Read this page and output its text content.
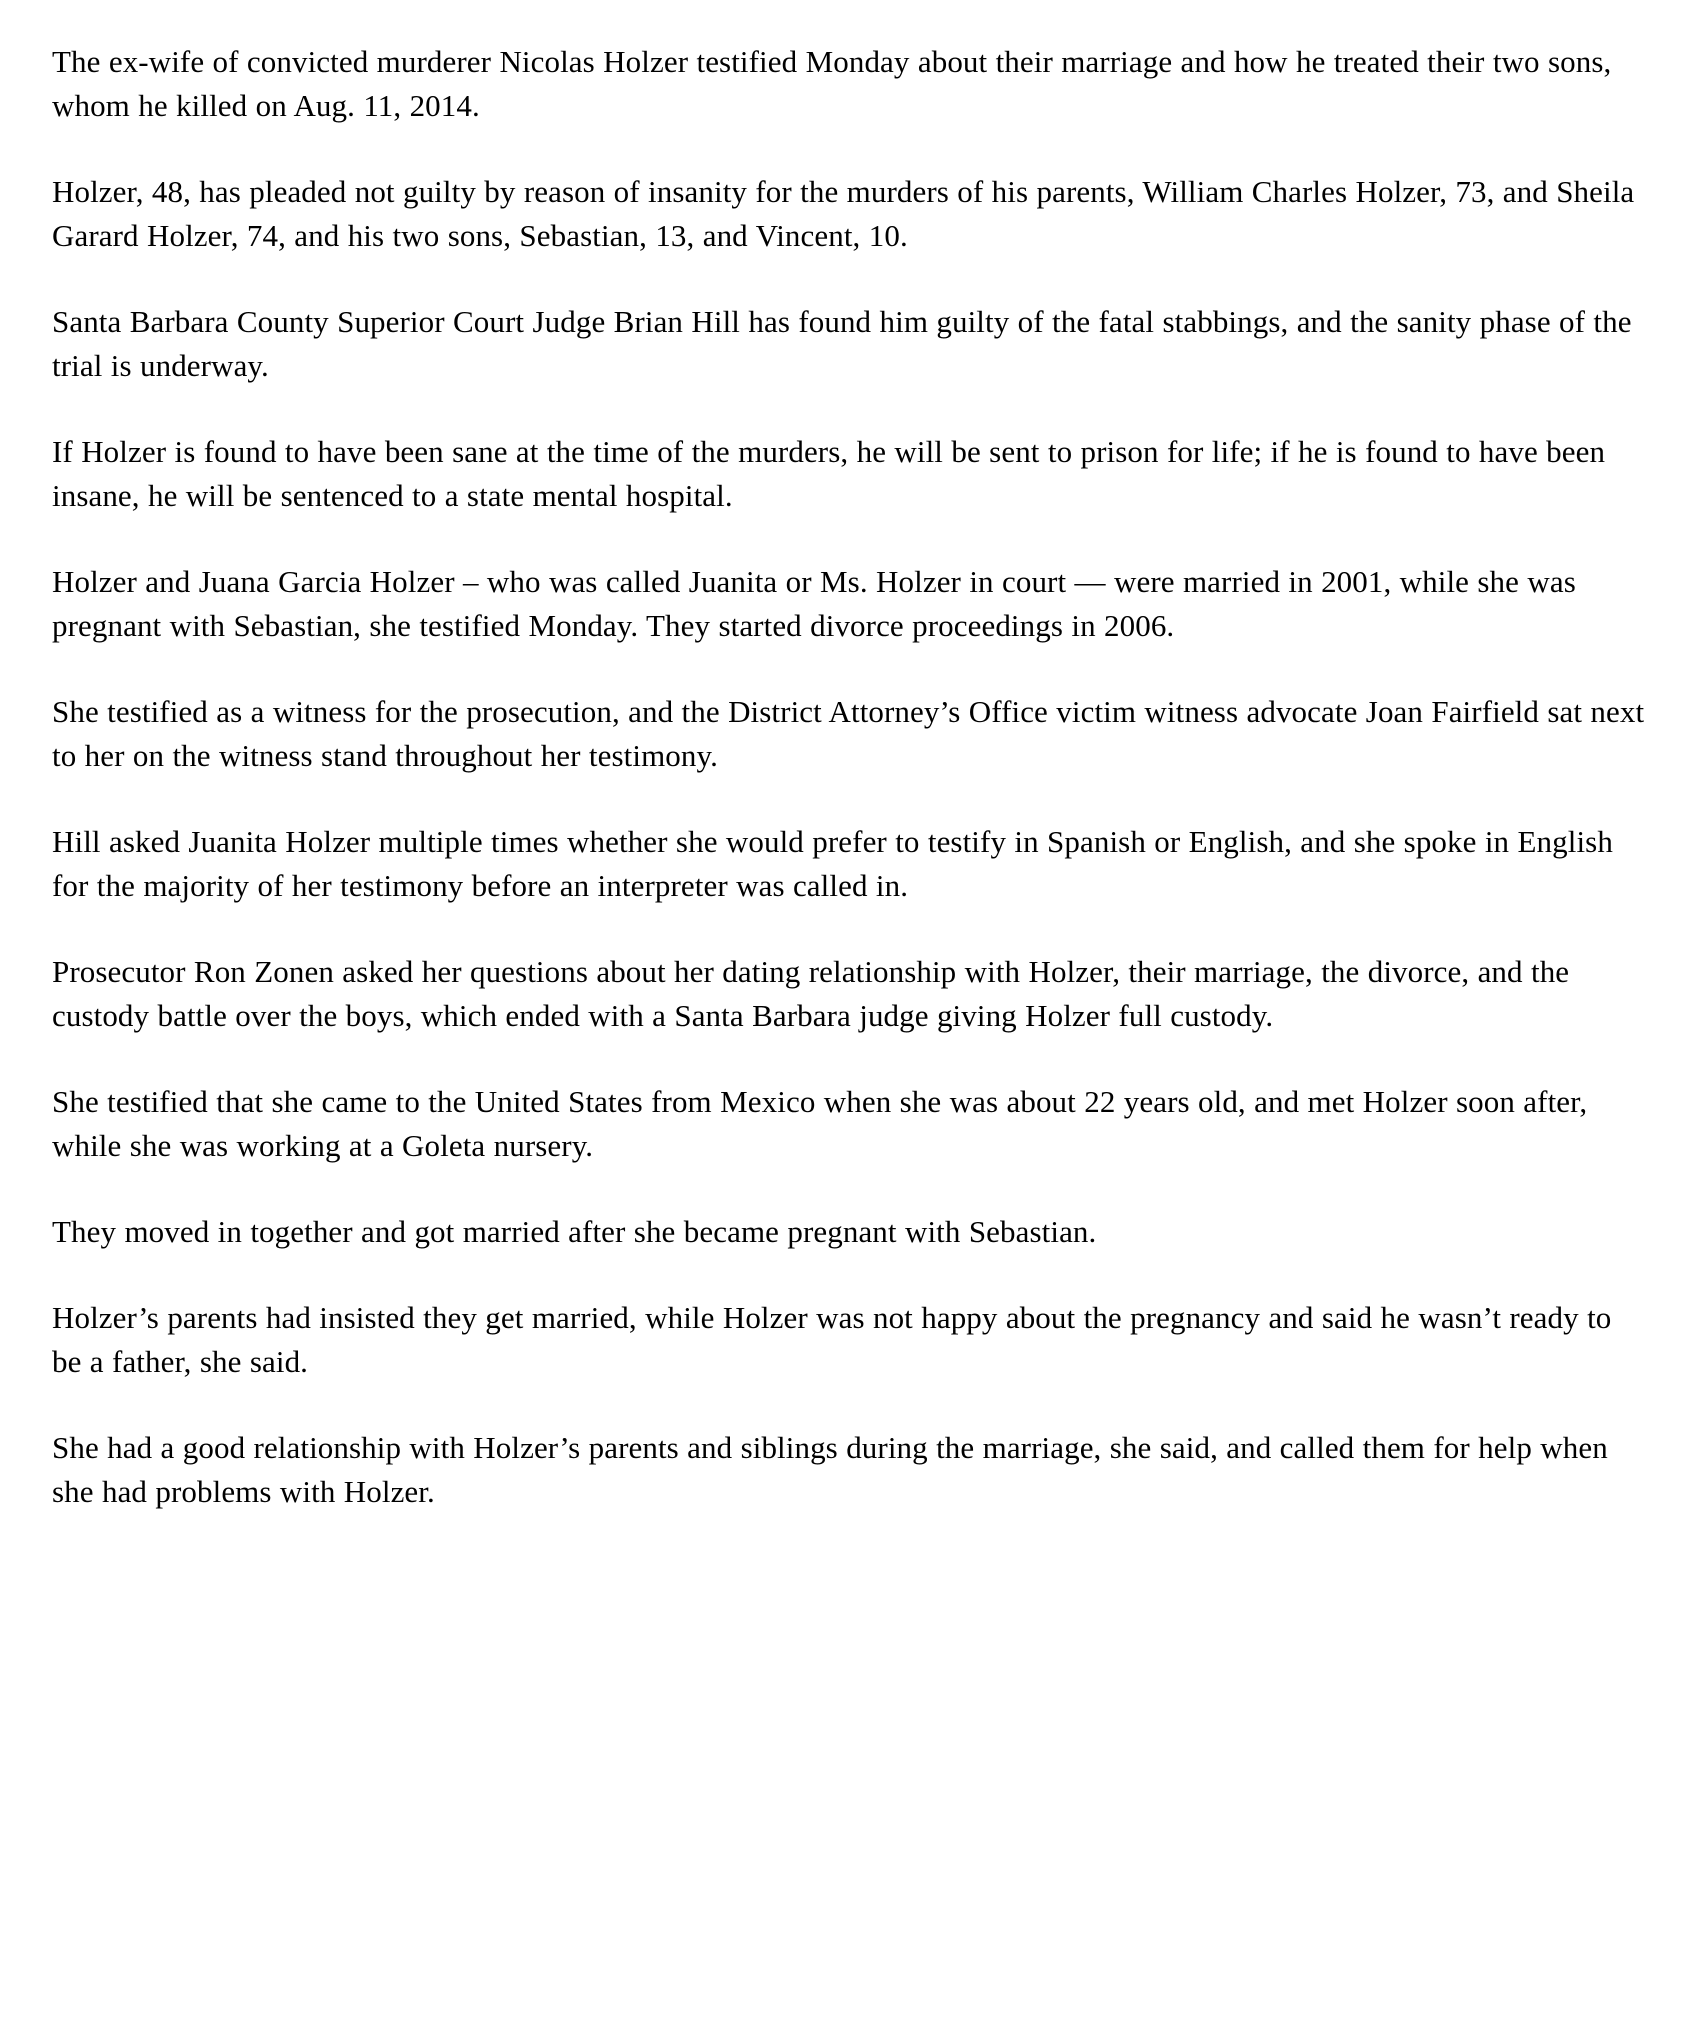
The ex-wife of convicted murderer Nicolas Holzer testified Monday about their marriage and how he treated their two sons, whom he killed on Aug. 11, 2014.

Holzer, 48, has pleaded not guilty by reason of insanity for the murders of his parents, William Charles Holzer, 73, and Sheila Garard Holzer, 74, and his two sons, Sebastian, 13, and Vincent, 10.

Santa Barbara County Superior Court Judge Brian Hill has found him guilty of the fatal stabbings, and the sanity phase of the trial is underway.

If Holzer is found to have been sane at the time of the murders, he will be sent to prison for life; if he is found to have been insane, he will be sentenced to a state mental hospital.

Holzer and Juana Garcia Holzer – who was called Juanita or Ms. Holzer in court — were married in 2001, while she was pregnant with Sebastian, she testified Monday. They started divorce proceedings in 2006.

She testified as a witness for the prosecution, and the District Attorney’s Office victim witness advocate Joan Fairfield sat next to her on the witness stand throughout her testimony.

Hill asked Juanita Holzer multiple times whether she would prefer to testify in Spanish or English, and she spoke in English for the majority of her testimony before an interpreter was called in.

Prosecutor Ron Zonen asked her questions about her dating relationship with Holzer, their marriage, the divorce, and the custody battle over the boys, which ended with a Santa Barbara judge giving Holzer full custody.

She testified that she came to the United States from Mexico when she was about 22 years old, and met Holzer soon after, while she was working at a Goleta nursery.

They moved in together and got married after she became pregnant with Sebastian.

Holzer’s parents had insisted they get married, while Holzer was not happy about the pregnancy and said he wasn’t ready to be a father, she said.

She had a good relationship with Holzer’s parents and siblings during the marriage, she said, and called them for help when she had problems with Holzer.
